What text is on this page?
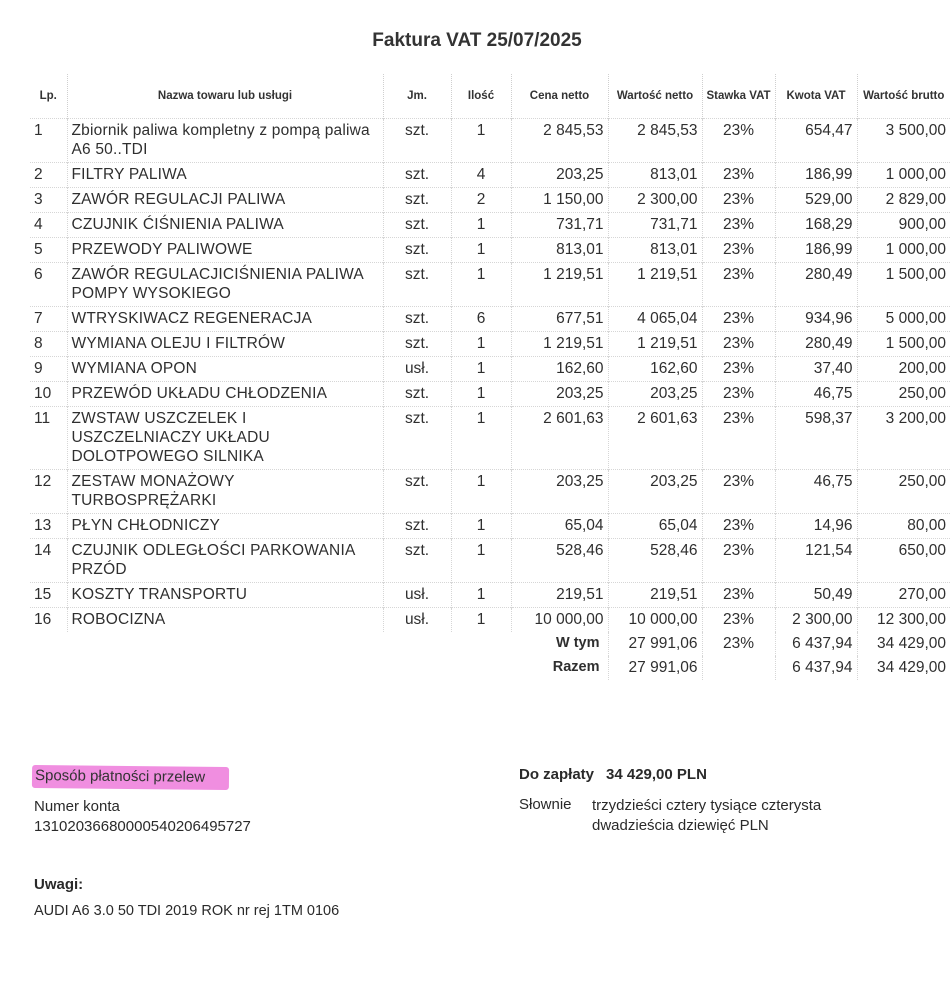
Faktura VAT 25/07/2025
Lp.	Nazwa towaru lub usługi	Jm.	Ilość	Cena netto	Wartość netto	Stawka VAT	Kwota VAT	Wartość brutto
1	Zbiornik paliwa kompletny z pompą paliwa A6 50..TDI	szt.	1	2 845,53	2 845,53	23%	654,47	3 500,00
2	FILTRY PALIWA	szt.	4	203,25	813,01	23%	186,99	1 000,00
3	ZAWÓR REGULACJI PALIWA	szt.	2	1 150,00	2 300,00	23%	529,00	2 829,00
4	CZUJNIK ĆIŚNIENIA PALIWA	szt.	1	731,71	731,71	23%	168,29	900,00
5	PRZEWODY PALIWOWE	szt.	1	813,01	813,01	23%	186,99	1 000,00
6	ZAWÓR REGULACJICIŚNIENIA PALIWA POMPY WYSOKIEGO	szt.	1	1 219,51	1 219,51	23%	280,49	1 500,00
7	WTRYSKIWACZ REGENERACJA	szt.	6	677,51	4 065,04	23%	934,96	5 000,00
8	WYMIANA OLEJU I FILTRÓW	szt.	1	1 219,51	1 219,51	23%	280,49	1 500,00
9	WYMIANA OPON	usł.	1	162,60	162,60	23%	37,40	200,00
10	PRZEWÓD UKŁADU CHŁODZENIA	szt.	1	203,25	203,25	23%	46,75	250,00
11	ZWSTAW USZCZELEK I USZCZELNIACZY UKŁADU DOLOTPOWEGO SILNIKA	szt.	1	2 601,63	2 601,63	23%	598,37	3 200,00
12	ZESTAW MONAŻOWY TURBOSPRĘŻARKI	szt.	1	203,25	203,25	23%	46,75	250,00
13	PŁYN CHŁODNICZY	szt.	1	65,04	65,04	23%	14,96	80,00
14	CZUJNIK ODLEGŁOŚCI PARKOWANIA PRZÓD	szt.	1	528,46	528,46	23%	121,54	650,00
15	KOSZTY TRANSPORTU	usł.	1	219,51	219,51	23%	50,49	270,00
16	ROBOCIZNA	usł.	1	10 000,00	10 000,00	23%	2 300,00	12 300,00
W tym					27 991,06	23%	6 437,94	34 429,00
Razem					27 991,06		6 437,94	34 429,00
Sposób płatności przelew
Numer konta
13102036680000540206495727
Do zapłaty 34 429,00 PLN
Słownie trzydzieści cztery tysiące czterysta dwadzieścia dziewięć PLN
Uwagi:
AUDI A6 3.0 50 TDI 2019 ROK nr rej 1TM 0106
